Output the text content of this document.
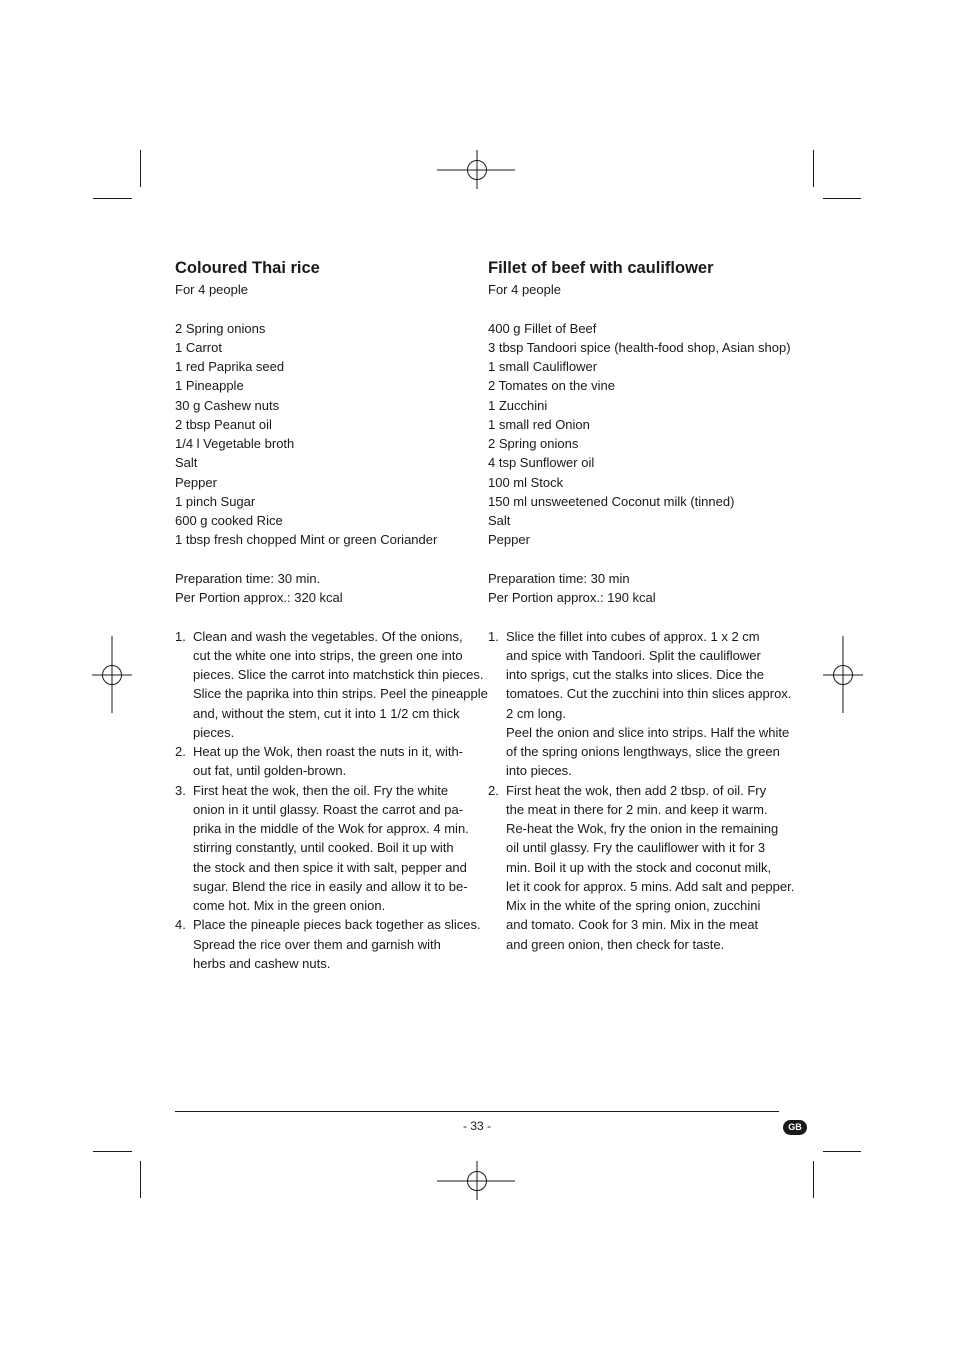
Coloured Thai rice
For 4 people
2 Spring onions
1 Carrot
1 red Paprika seed
1 Pineapple
30 g Cashew nuts
2 tbsp Peanut oil
1/4 l Vegetable broth
Salt
Pepper
1 pinch Sugar
600 g cooked Rice
1 tbsp fresh chopped Mint or green Coriander
Preparation time: 30 min.
Per Portion approx.: 320 kcal
1. Clean and wash the vegetables. Of the onions,
cut the white one into strips, the green one into
pieces. Slice the carrot into matchstick thin pieces.
Slice the paprika into thin strips. Peel the pineapple
and, without the stem, cut it into 1 1/2 cm thick
pieces.
2. Heat up the Wok, then roast the nuts in it, with-
out fat, until golden-brown.
3. First heat the wok, then the oil. Fry the white
onion in it until glassy. Roast the carrot and pa-
prika in the middle of the Wok for approx. 4 min.
stirring constantly, until cooked. Boil it up with
the stock and then spice it with salt, pepper and
sugar. Blend the rice in easily and allow it to be-
come hot. Mix in the green onion.
4. Place the pineaple pieces back together as slices.
Spread the rice over them and garnish with
herbs and cashew nuts.
Fillet of beef with cauliflower
For 4 people
400 g Fillet of Beef
3 tbsp Tandoori spice (health-food shop, Asian shop)
1 small Cauliflower
2 Tomates on the vine
1 Zucchini
1 small red Onion
2 Spring onions
4 tsp Sunflower oil
100 ml Stock
150 ml unsweetened Coconut milk (tinned)
Salt
Pepper
Preparation time: 30 min
Per Portion approx.: 190 kcal
1. Slice the fillet into cubes of approx. 1 x 2 cm
and spice with Tandoori. Split the cauliflower
into sprigs, cut the stalks into slices. Dice the
tomatoes. Cut the zucchini into thin slices approx.
2 cm long.
Peel the onion and slice into strips. Half the white
of the spring onions lengthways, slice the green
into pieces.
2. First heat the wok, then add 2 tbsp. of oil. Fry
the meat in there for 2 min. and keep it warm.
Re-heat the Wok, fry the onion in the remaining
oil until glassy. Fry the cauliflower with it for 3
min. Boil it up with the stock and coconut milk,
let it cook for approx. 5 mins. Add salt and pepper.
Mix in the white of the spring onion, zucchini
and tomato. Cook for 3 min. Mix in the meat
and green onion, then check for taste.
- 33 -	GB
